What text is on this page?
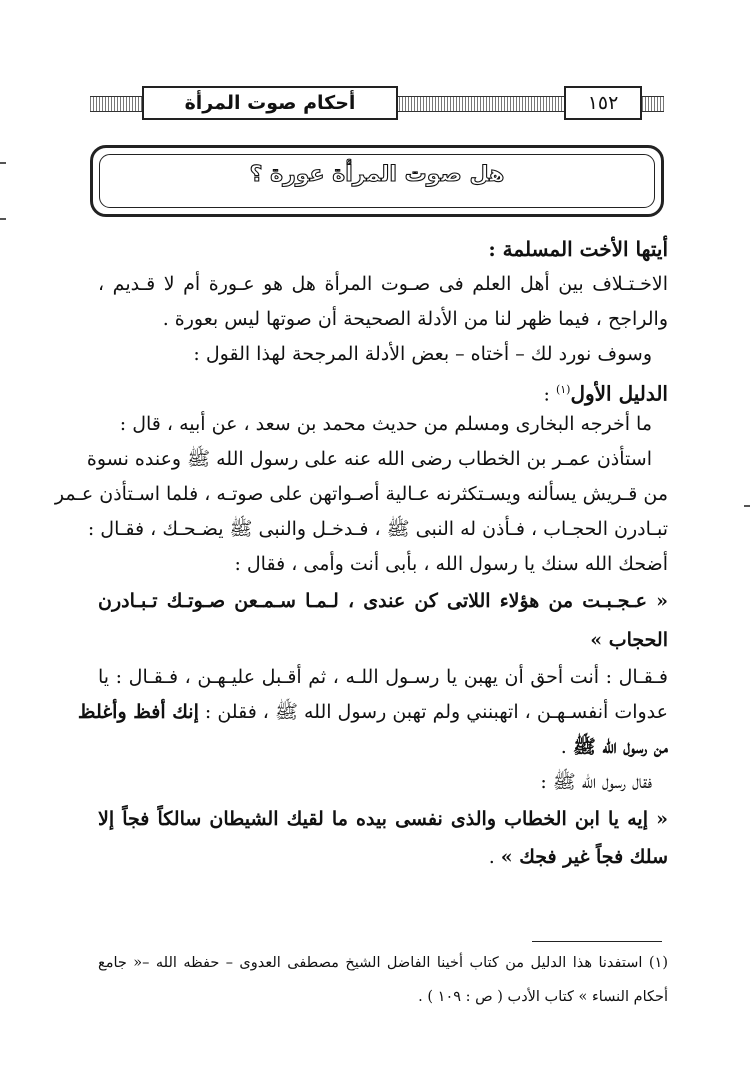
أحكام صوت المرأة	١٥٢
هل صوت المرأة عورة ؟
أيتها الأخت المسلمة :
الاخـتـلاف بين أهل العلم فى صـوت المرأة هل هو عـورة أم لا قـديم ،
والراجح ، فيما ظهر لنا من الأدلة الصحيحة أن صوتها ليس بعورة .
وسوف نورد لك – أختاه – بعض الأدلة المرجحة لهذا القول :
الدليل الأول$^{(١)}$ :
ما أخرجه البخارى ومسلم من حديث محمد بن سعد ، عن أبيه ، قال :
استأذن عمـر بن الخطاب رضى الله عنه على رسول الله ﷺ وعنده نسوة
من قـريش يسألنه ويسـتكثرنه عـالية أصـواتهن على صوتـه ، فلما اسـتأذن عـمر
تبـادرن الحجـاب ، فـأذن له النبى ﷺ ، فـدخـل والنبى ﷺ يضـحـك ، فقـال :
أضحك الله سنك يا رسول الله ، بأبى أنت وأمى ، فقال :
« عـجـبـت من هؤلاء اللاتى كن عندى ، لـمـا سـمـعن صـوتـك تـبـادرن
الحجاب »
فـقـال : أنت أحق أن يهبن يا رسـول اللـه ، ثم أقـبل عليـهـن ، فـقـال : يا
عدوات أنفسـهـن ، اتهبنني ولم تهبن رسول الله ﷺ ، فقلن : إنك أفظ وأغلظ
من رسول الله ﷺ .
فقال رسول الله ﷺ :
« إيه يا ابن الخطاب والذى نفسى بيده ما لقيك الشيطان سالكاً فجاً إلا
سلك فجاً غير فجك » .
(١) استفدنا هذا الدليل من كتاب أخينا الفاضل الشيخ مصطفى العدوى – حفظه الله –« جامع
أحكام النساء » كتاب الأدب ( ص : ١٠٩ ) .
